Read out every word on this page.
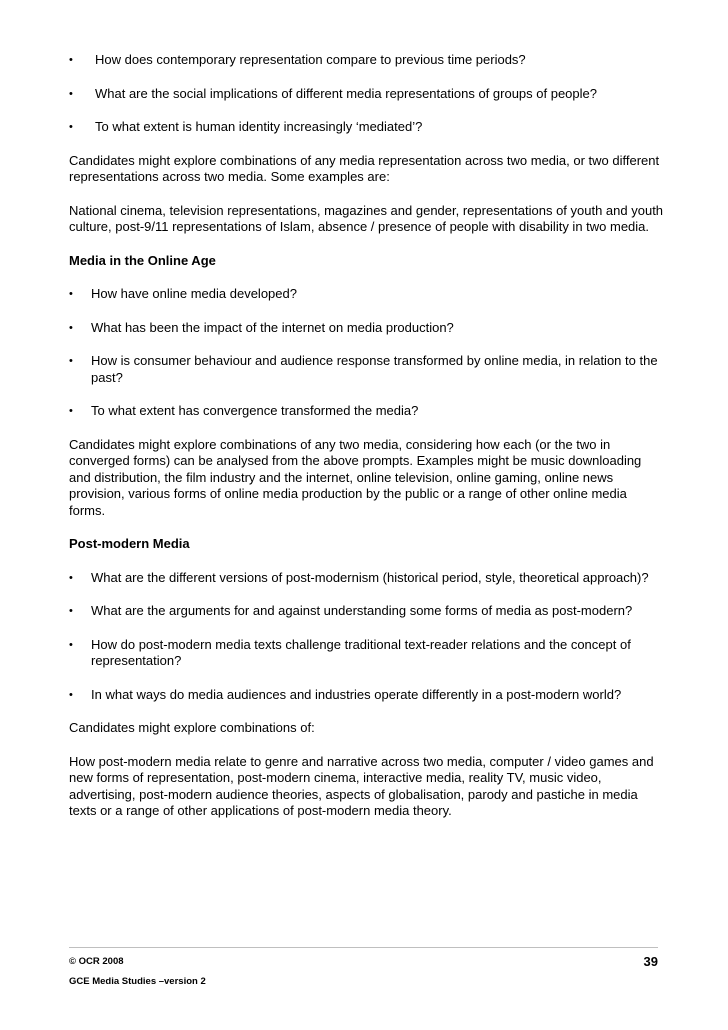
•	How does contemporary representation compare to previous time periods?
•	What are the social implications of different media representations of groups of people?
•	To what extent is human identity increasingly ‘mediated’?

Candidates might explore combinations of any media representation across two media, or two different representations across two media. Some examples are:

National cinema, television representations, magazines and gender, representations of youth and youth culture, post-9/11 representations of Islam, absence / presence of people with disability in two media.

Media in the Online Age

•	How have online media developed?
•	What has been the impact of the internet on media production?
•	How is consumer behaviour and audience response transformed by online media, in relation to the past?
•	To what extent has convergence transformed the media?

Candidates might explore combinations of any two media, considering how each (or the two in converged forms) can be analysed from the above prompts. Examples might be music downloading and distribution, the film industry and the internet, online television, online gaming, online news provision, various forms of online media production by the public or a range of other online media forms.

Post-modern Media

•	What are the different versions of post-modernism (historical period, style, theoretical approach)?
•	What are the arguments for and against understanding some forms of media as post-modern?
•	How do post-modern media texts challenge traditional text-reader relations and the concept of representation?
•	In what ways do media audiences and industries operate differently in a post-modern world?

Candidates might explore combinations of:

How post-modern media relate to genre and narrative across two media, computer / video games and new forms of representation, post-modern cinema, interactive media, reality TV, music video, advertising, post-modern audience theories, aspects of globalisation, parody and pastiche in media texts or a range of other applications of post-modern media theory.

© OCR 2008
GCE Media Studies –version 2
39
